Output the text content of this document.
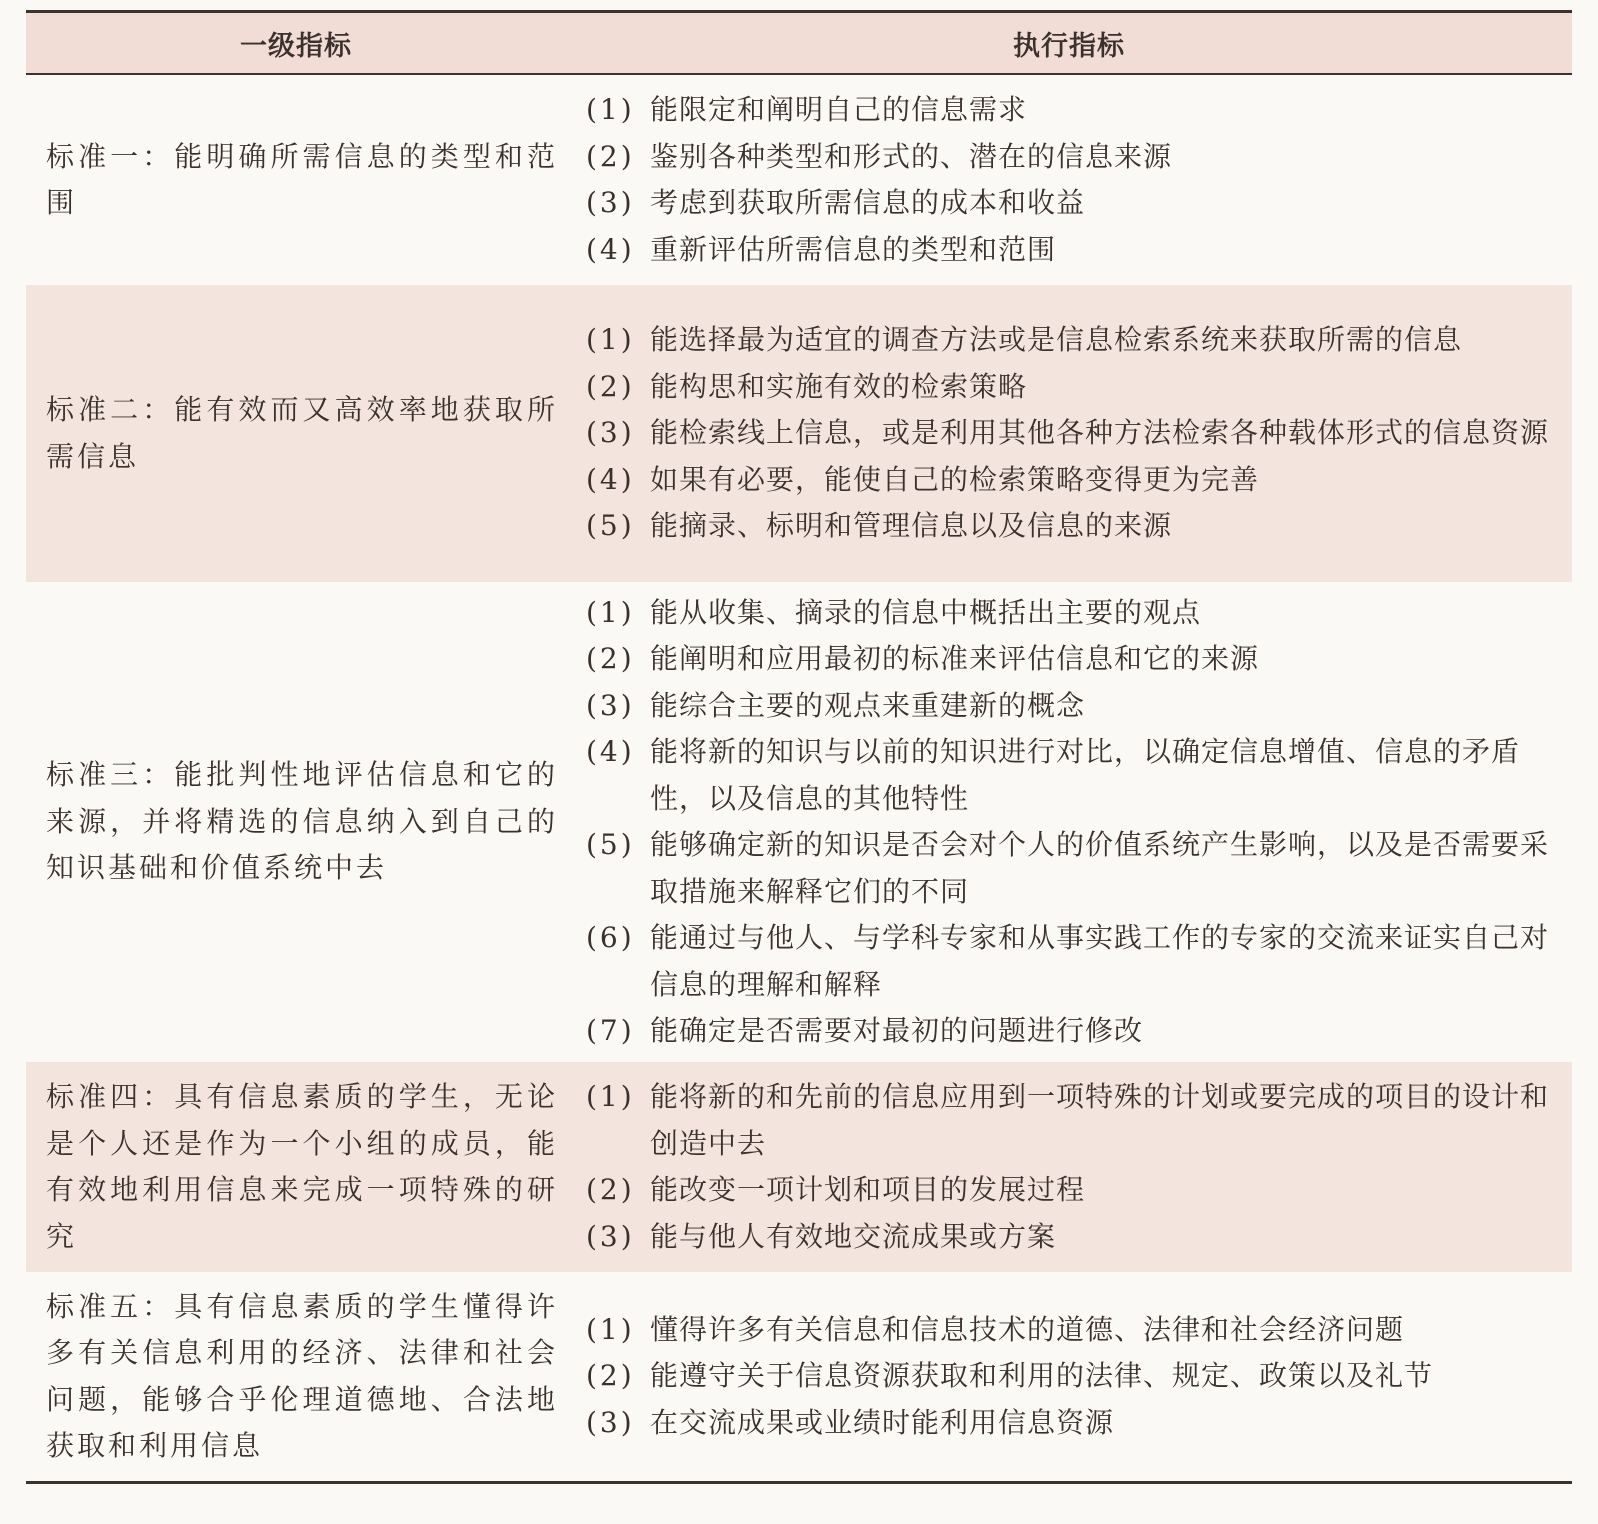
一级指标	执行指标
标准一：能明确所需信息的类型和范围
(1) 能限定和阐明自己的信息需求
(2) 鉴别各种类型和形式的、潜在的信息来源
(3) 考虑到获取所需信息的成本和收益
(4) 重新评估所需信息的类型和范围
标准二：能有效而又高效率地获取所需信息
(1) 能选择最为适宜的调查方法或是信息检索系统来获取所需的信息
(2) 能构思和实施有效的检索策略
(3) 能检索线上信息，或是利用其他各种方法检索各种载体形式的信息资源
(4) 如果有必要，能使自己的检索策略变得更为完善
(5) 能摘录、标明和管理信息以及信息的来源
标准三：能批判性地评估信息和它的来源，并将精选的信息纳入到自己的知识基础和价值系统中去
(1) 能从收集、摘录的信息中概括出主要的观点
(2) 能阐明和应用最初的标准来评估信息和它的来源
(3) 能综合主要的观点来重建新的概念
(4) 能将新的知识与以前的知识进行对比，以确定信息增值、信息的矛盾性，以及信息的其他特性
(5) 能够确定新的知识是否会对个人的价值系统产生影响，以及是否需要采取措施来解释它们的不同
(6) 能通过与他人、与学科专家和从事实践工作的专家的交流来证实自己对信息的理解和解释
(7) 能确定是否需要对最初的问题进行修改
标准四：具有信息素质的学生，无论是个人还是作为一个小组的成员，能有效地利用信息来完成一项特殊的研究
(1) 能将新的和先前的信息应用到一项特殊的计划或要完成的项目的设计和创造中去
(2) 能改变一项计划和项目的发展过程
(3) 能与他人有效地交流成果或方案
标准五：具有信息素质的学生懂得许多有关信息利用的经济、法律和社会问题，能够合乎伦理道德地、合法地获取和利用信息
(1) 懂得许多有关信息和信息技术的道德、法律和社会经济问题
(2) 能遵守关于信息资源获取和利用的法律、规定、政策以及礼节
(3) 在交流成果或业绩时能利用信息资源
